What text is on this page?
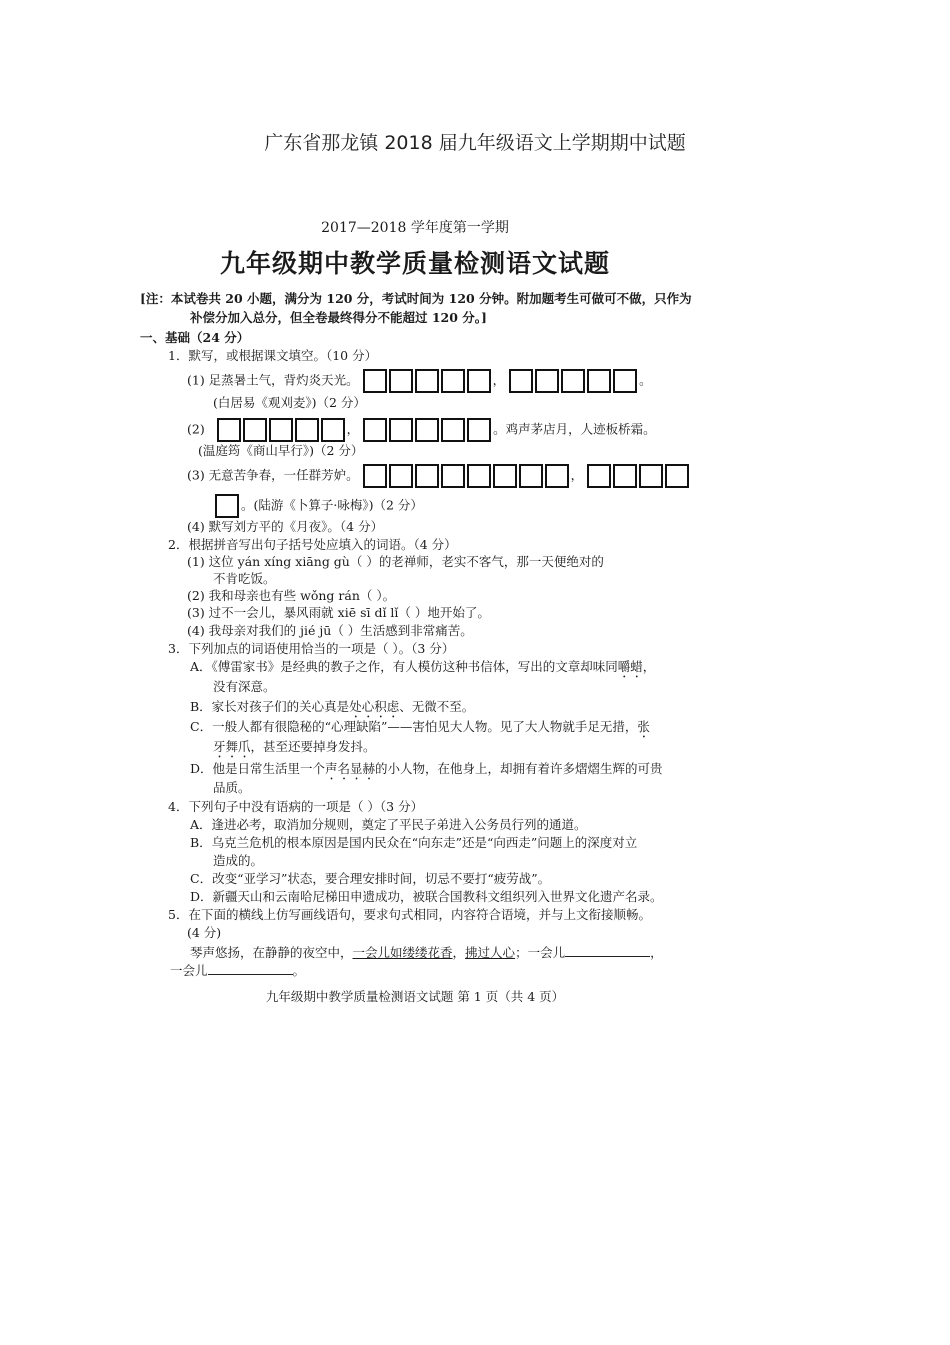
广东省那龙镇 2018 届九年级语文上学期期中试题
2017—2018 学年度第一学期
九年级期中教学质量检测语文试题
[注：本试卷共 20 小题，满分为 120 分，考试时间为 120 分钟。附加题考生可做可不做，只作为
补偿分加入总分，但全卷最终得分不能超过 120 分。]
一、基础（24 分）
1．默写，或根据课文填空。（10 分）
(1) 足蒸暑土气，背灼炎天光。	，	。
(白居易《观刈麦》)（2 分）
(2)	，	。鸡声茅店月，人迹板桥霜。
(温庭筠《商山早行》)（2 分）
(3) 无意苦争春，一任群芳妒。	，
。(陆游《卜算子·咏梅》)（2 分）
(4) 默写刘方平的《月夜》。（4 分）
2．根据拼音写出句子括号处应填入的词语。（4 分）
(1) 这位 yán xíng xiāng gù（ ）的老禅师，老实不客气，那一天便绝对的
不肯吃饭。
(2) 我和母亲也有些 wǒng rán（ ）。
(3) 过不一会儿，暴风雨就 xiē sī dǐ lǐ（ ）地开始了。
(4) 我母亲对我们的 jié jū（ ）生活感到非常痛苦。
3．下列加点的词语使用恰当的一项是（ ）。（3 分）
A．《傅雷家书》是经典的教子之作，有人模仿这种书信体，写出的文章却味同嚼蜡，
没有深意。
B．家长对孩子们的关心真是处心积虑、无微不至。
C．一般人都有很隐秘的“心理缺陷”——害怕见大人物。见了大人物就手足无措，张
牙舞爪，甚至还要掉身发抖。
D．他是日常生活里一个声名显赫的小人物，在他身上，却拥有着许多熠熠生辉的可贵
品质。
4．下列句子中没有语病的一项是（ ）（3 分）
A．逢进必考，取消加分规则，奠定了平民子弟进入公务员行列的通道。
B．乌克兰危机的根本原因是国内民众在“向东走”还是“向西走”问题上的深度对立
造成的。
C．改变“亚学习”状态，要合理安排时间，切忌不要打“疲劳战”。
D．新疆天山和云南哈尼梯田申遗成功，被联合国教科文组织列入世界文化遗产名录。
5．在下面的横线上仿写画线语句，要求句式相同，内容符合语境，并与上文衔接顺畅。
(4 分)
琴声悠扬，在静静的夜空中，一会儿如缕缕花香，拂过人心；一会儿	，
一会儿	。
九年级期中教学质量检测语文试题 第 1 页（共 4 页）
